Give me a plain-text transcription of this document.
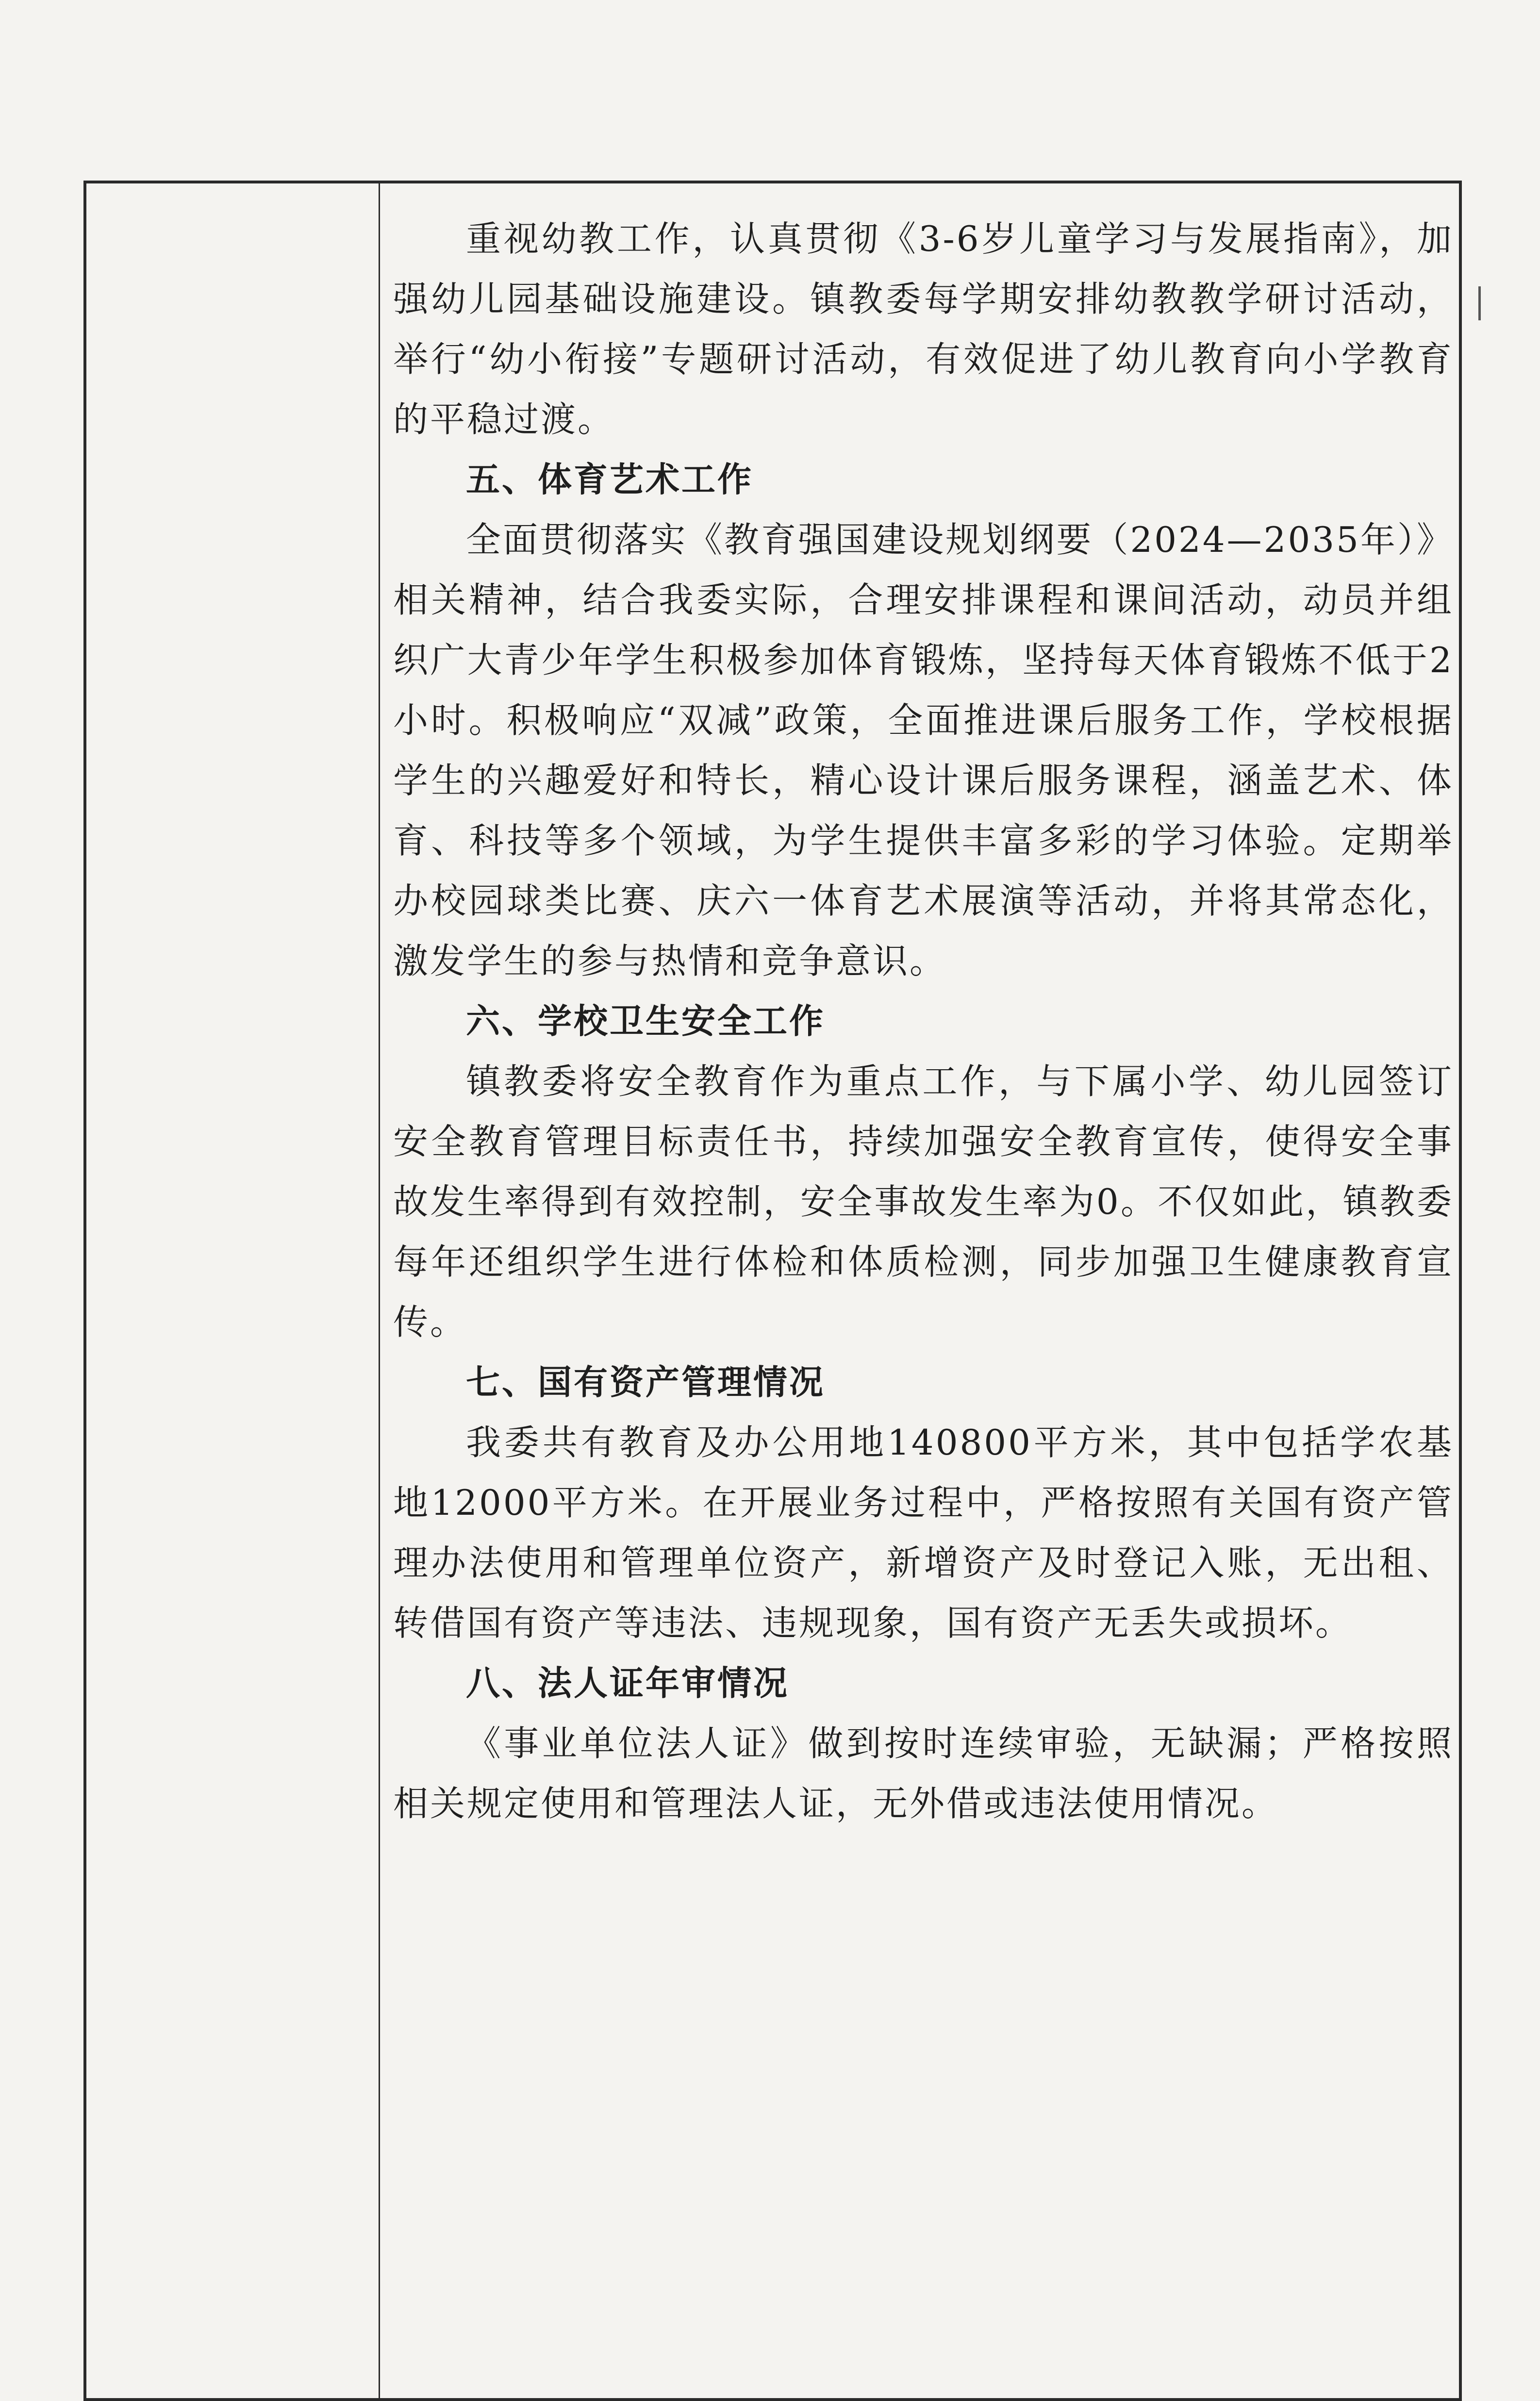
重视幼教工作，认真贯彻《3-6岁儿童学习与发展指南》，加强幼儿园基础设施建设。镇教委每学期安排幼教教学研讨活动，举行“幼小衔接”专题研讨活动，有效促进了幼儿教育向小学教育的平稳过渡。

五、体育艺术工作

全面贯彻落实《教育强国建设规划纲要（2024—2035年）》相关精神，结合我委实际，合理安排课程和课间活动，动员并组织广大青少年学生积极参加体育锻炼，坚持每天体育锻炼不低于2小时。积极响应“双减”政策，全面推进课后服务工作，学校根据学生的兴趣爱好和特长，精心设计课后服务课程，涵盖艺术、体育、科技等多个领域，为学生提供丰富多彩的学习体验。定期举办校园球类比赛、庆六一体育艺术展演等活动，并将其常态化，激发学生的参与热情和竞争意识。

六、学校卫生安全工作

镇教委将安全教育作为重点工作，与下属小学、幼儿园签订安全教育管理目标责任书，持续加强安全教育宣传，使得安全事故发生率得到有效控制，安全事故发生率为0。不仅如此，镇教委每年还组织学生进行体检和体质检测，同步加强卫生健康教育宣传。

七、国有资产管理情况

我委共有教育及办公用地140800平方米，其中包括学农基地12000平方米。在开展业务过程中，严格按照有关国有资产管理办法使用和管理单位资产，新增资产及时登记入账，无出租、转借国有资产等违法、违规现象，国有资产无丢失或损坏。

八、法人证年审情况

《事业单位法人证》做到按时连续审验，无缺漏；严格按照相关规定使用和管理法人证，无外借或违法使用情况。
